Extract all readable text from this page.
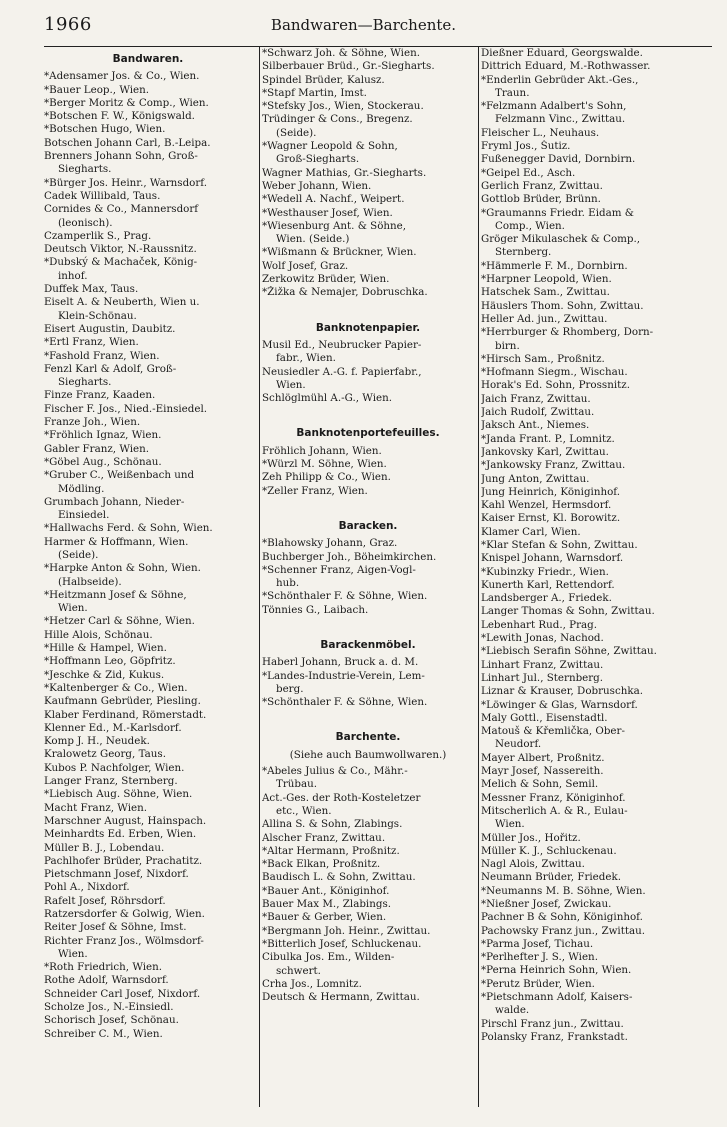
1966	Bandwaren—Barchente.
Bandwaren.
*Adensamer Jos. & Co., Wien.
*Bauer Leop., Wien.
*Berger Moritz & Comp., Wien.
*Botschen F. W., Königswald.
*Botschen Hugo, Wien.
Botschen Johann Carl, B.-Leipa.
Brenners Johann Sohn, Groß-
Siegharts.
*Bürger Jos. Heinr., Warnsdorf.
Cadek Willibald, Taus.
Cornides & Co., Mannersdorf
(leonisch).
Czamperlik S., Prag.
Deutsch Viktor, N.-Raussnitz.
*Dubský & Machaček, König-
inhof.
Duffek Max, Taus.
Eiselt A. & Neuberth, Wien u.
Klein-Schönau.
Eisert Augustin, Daubitz.
*Ertl Franz, Wien.
*Fashold Franz, Wien.
Fenzl Karl & Adolf, Groß-
Siegharts.
Finze Franz, Kaaden.
Fischer F. Jos., Nied.-Einsiedel.
Franze Joh., Wien.
*Fröhlich Ignaz, Wien.
Gabler Franz, Wien.
*Göbel Aug., Schönau.
*Gruber C., Weißenbach und
Mödling.
Grumbach Johann, Nieder-
Einsiedel.
*Hallwachs Ferd. & Sohn, Wien.
Harmer & Hoffmann, Wien.
(Seide).
*Harpke Anton & Sohn, Wien.
(Halbseide).
*Heitzmann Josef & Söhne,
Wien.
*Hetzer Carl & Söhne, Wien.
Hille Alois, Schönau.
*Hille & Hampel, Wien.
*Hoffmann Leo, Göpfritz.
*Jeschke & Zid, Kukus.
*Kaltenberger & Co., Wien.
Kaufmann Gebrüder, Piesling.
Klaber Ferdinand, Römerstadt.
Klenner Ed., M.-Karlsdorf.
Komp J. H., Neudek.
Kralowetz Georg, Taus.
Kubos P. Nachfolger, Wien.
Langer Franz, Sternberg.
*Liebisch Aug. Söhne, Wien.
Macht Franz, Wien.
Marschner August, Hainspach.
Meinhardts Ed. Erben, Wien.
Müller B. J., Lobendau.
Pachlhofer Brüder, Prachatitz.
Pietschmann Josef, Nixdorf.
Pohl A., Nixdorf.
Rafelt Josef, Röhrsdorf.
Ratzersdorfer & Golwig, Wien.
Reiter Josef & Söhne, Imst.
Richter Franz Jos., Wölmsdorf-
Wien.
*Roth Friedrich, Wien.
Rothe Adolf, Warnsdorf.
Schneider Carl Josef, Nixdorf.
Scholze Jos., N.-Einsiedl.
Schorisch Josef, Schönau.
Schreiber C. M., Wien.
*Schwarz Joh. & Söhne, Wien.
Silberbauer Brüd., Gr.-Siegharts.
Spindel Brüder, Kalusz.
*Stapf Martin, Imst.
*Stefsky Jos., Wien, Stockerau.
Trüdinger & Cons., Bregenz.
(Seide).
*Wagner Leopold & Sohn,
Groß-Siegharts.
Wagner Mathias, Gr.-Siegharts.
Weber Johann, Wien.
*Wedell A. Nachf., Weipert.
*Westhauser Josef, Wien.
*Wiesenburg Ant. & Söhne,
Wien. (Seide.)
*Wißmann & Brückner, Wien.
Wolf Josef, Graz.
Zerkowitz Brüder, Wien.
*Žižka & Nemajer, Dobruschka.
Banknotenpapier.
Musil Ed., Neubrucker Papier-
fabr., Wien.
Neusiedler A.-G. f. Papierfabr.,
Wien.
Schlöglmühl A.-G., Wien.
Banknotenportefeuilles.
Fröhlich Johann, Wien.
*Würzl M. Söhne, Wien.
Zeh Philipp & Co., Wien.
*Zeller Franz, Wien.
Baracken.
*Blahowsky Johann, Graz.
Buchberger Joh., Böheimkirchen.
*Schenner Franz, Aigen-Vogl-
hub.
*Schönthaler F. & Söhne, Wien.
Tönnies G., Laibach.
Barackenmöbel.
Haberl Johann, Bruck a. d. M.
*Landes-Industrie-Verein, Lem-
berg.
*Schönthaler F. & Söhne, Wien.
Barchente.
(Siehe auch Baumwollwaren.)
*Abeles Julius & Co., Mähr.-
Trübau.
Act.-Ges. der Roth-Kosteletzer
etc., Wien.
Allina S. & Sohn, Zlabings.
Alscher Franz, Zwittau.
*Altar Hermann, Proßnitz.
*Back Elkan, Proßnitz.
Baudisch L. & Sohn, Zwittau.
*Bauer Ant., Königinhof.
Bauer Max M., Zlabings.
*Bauer & Gerber, Wien.
*Bergmann Joh. Heinr., Zwittau.
*Bitterlich Josef, Schluckenau.
Cibulka Jos. Em., Wilden-
schwert.
Crha Jos., Lomnitz.
Deutsch & Hermann, Zwittau.
Dießner Eduard, Georgswalde.
Dittrich Eduard, M.-Rothwasser.
*Enderlin Gebrüder Akt.-Ges.,
Traun.
*Felzmann Adalbert's Sohn,
Felzmann Vinc., Zwittau.
Fleischer L., Neuhaus.
Fryml Jos., Šutiz.
Fußenegger David, Dornbirn.
*Geipel Ed., Asch.
Gerlich Franz, Zwittau.
Gottlob Brüder, Brünn.
*Graumanns Friedr. Eidam &
Comp., Wien.
Gröger Mikulaschek & Comp.,
Sternberg.
*Hämmerle F. M., Dornbirn.
*Harpner Leopold, Wien.
Hatschek Sam., Zwittau.
Häuslers Thom. Sohn, Zwittau.
Heller Ad. jun., Zwittau.
*Herrburger & Rhomberg, Dorn-
birn.
*Hirsch Sam., Proßnitz.
*Hofmann Siegm., Wischau.
Horak's Ed. Sohn, Prossnitz.
Jaich Franz, Zwittau.
Jaich Rudolf, Zwittau.
Jaksch Ant., Niemes.
*Janda Frant. P., Lomnitz.
Jankovsky Karl, Zwittau.
*Jankowsky Franz, Zwittau.
Jung Anton, Zwittau.
Jung Heinrich, Königinhof.
Kahl Wenzel, Hermsdorf.
Kaiser Ernst, Kl. Borowitz.
Klamer Carl, Wien.
*Klar Stefan & Sohn, Zwittau.
Knispel Johann, Warnsdorf.
*Kubinzky Friedr., Wien.
Kunerth Karl, Rettendorf.
Landsberger A., Friedek.
Langer Thomas & Sohn, Zwittau.
Lebenhart Rud., Prag.
*Lewith Jonas, Nachod.
*Liebisch Serafin Söhne, Zwittau.
Linhart Franz, Zwittau.
Linhart Jul., Sternberg.
Liznar & Krauser, Dobruschka.
*Löwinger & Glas, Warnsdorf.
Maly Gottl., Eisenstadtl.
Matouš & Křemlička, Ober-
Neudorf.
Mayer Albert, Proßnitz.
Mayr Josef, Nassereith.
Melich & Sohn, Semil.
Messner Franz, Königinhof.
Mitscherlich A. & R., Eulau-
Wien.
Müller Jos., Hořitz.
Müller K. J., Schluckenau.
Nagl Alois, Zwittau.
Neumann Brüder, Friedek.
*Neumanns M. B. Söhne, Wien.
*Nießner Josef, Zwickau.
Pachner B & Sohn, Königinhof.
Pachowsky Franz jun., Zwittau.
*Parma Josef, Tichau.
*Perlhefter J. S., Wien.
*Perna Heinrich Sohn, Wien.
*Perutz Brüder, Wien.
*Pietschmann Adolf, Kaisers-
walde.
Pirschl Franz jun., Zwittau.
Polansky Franz, Frankstadt.
